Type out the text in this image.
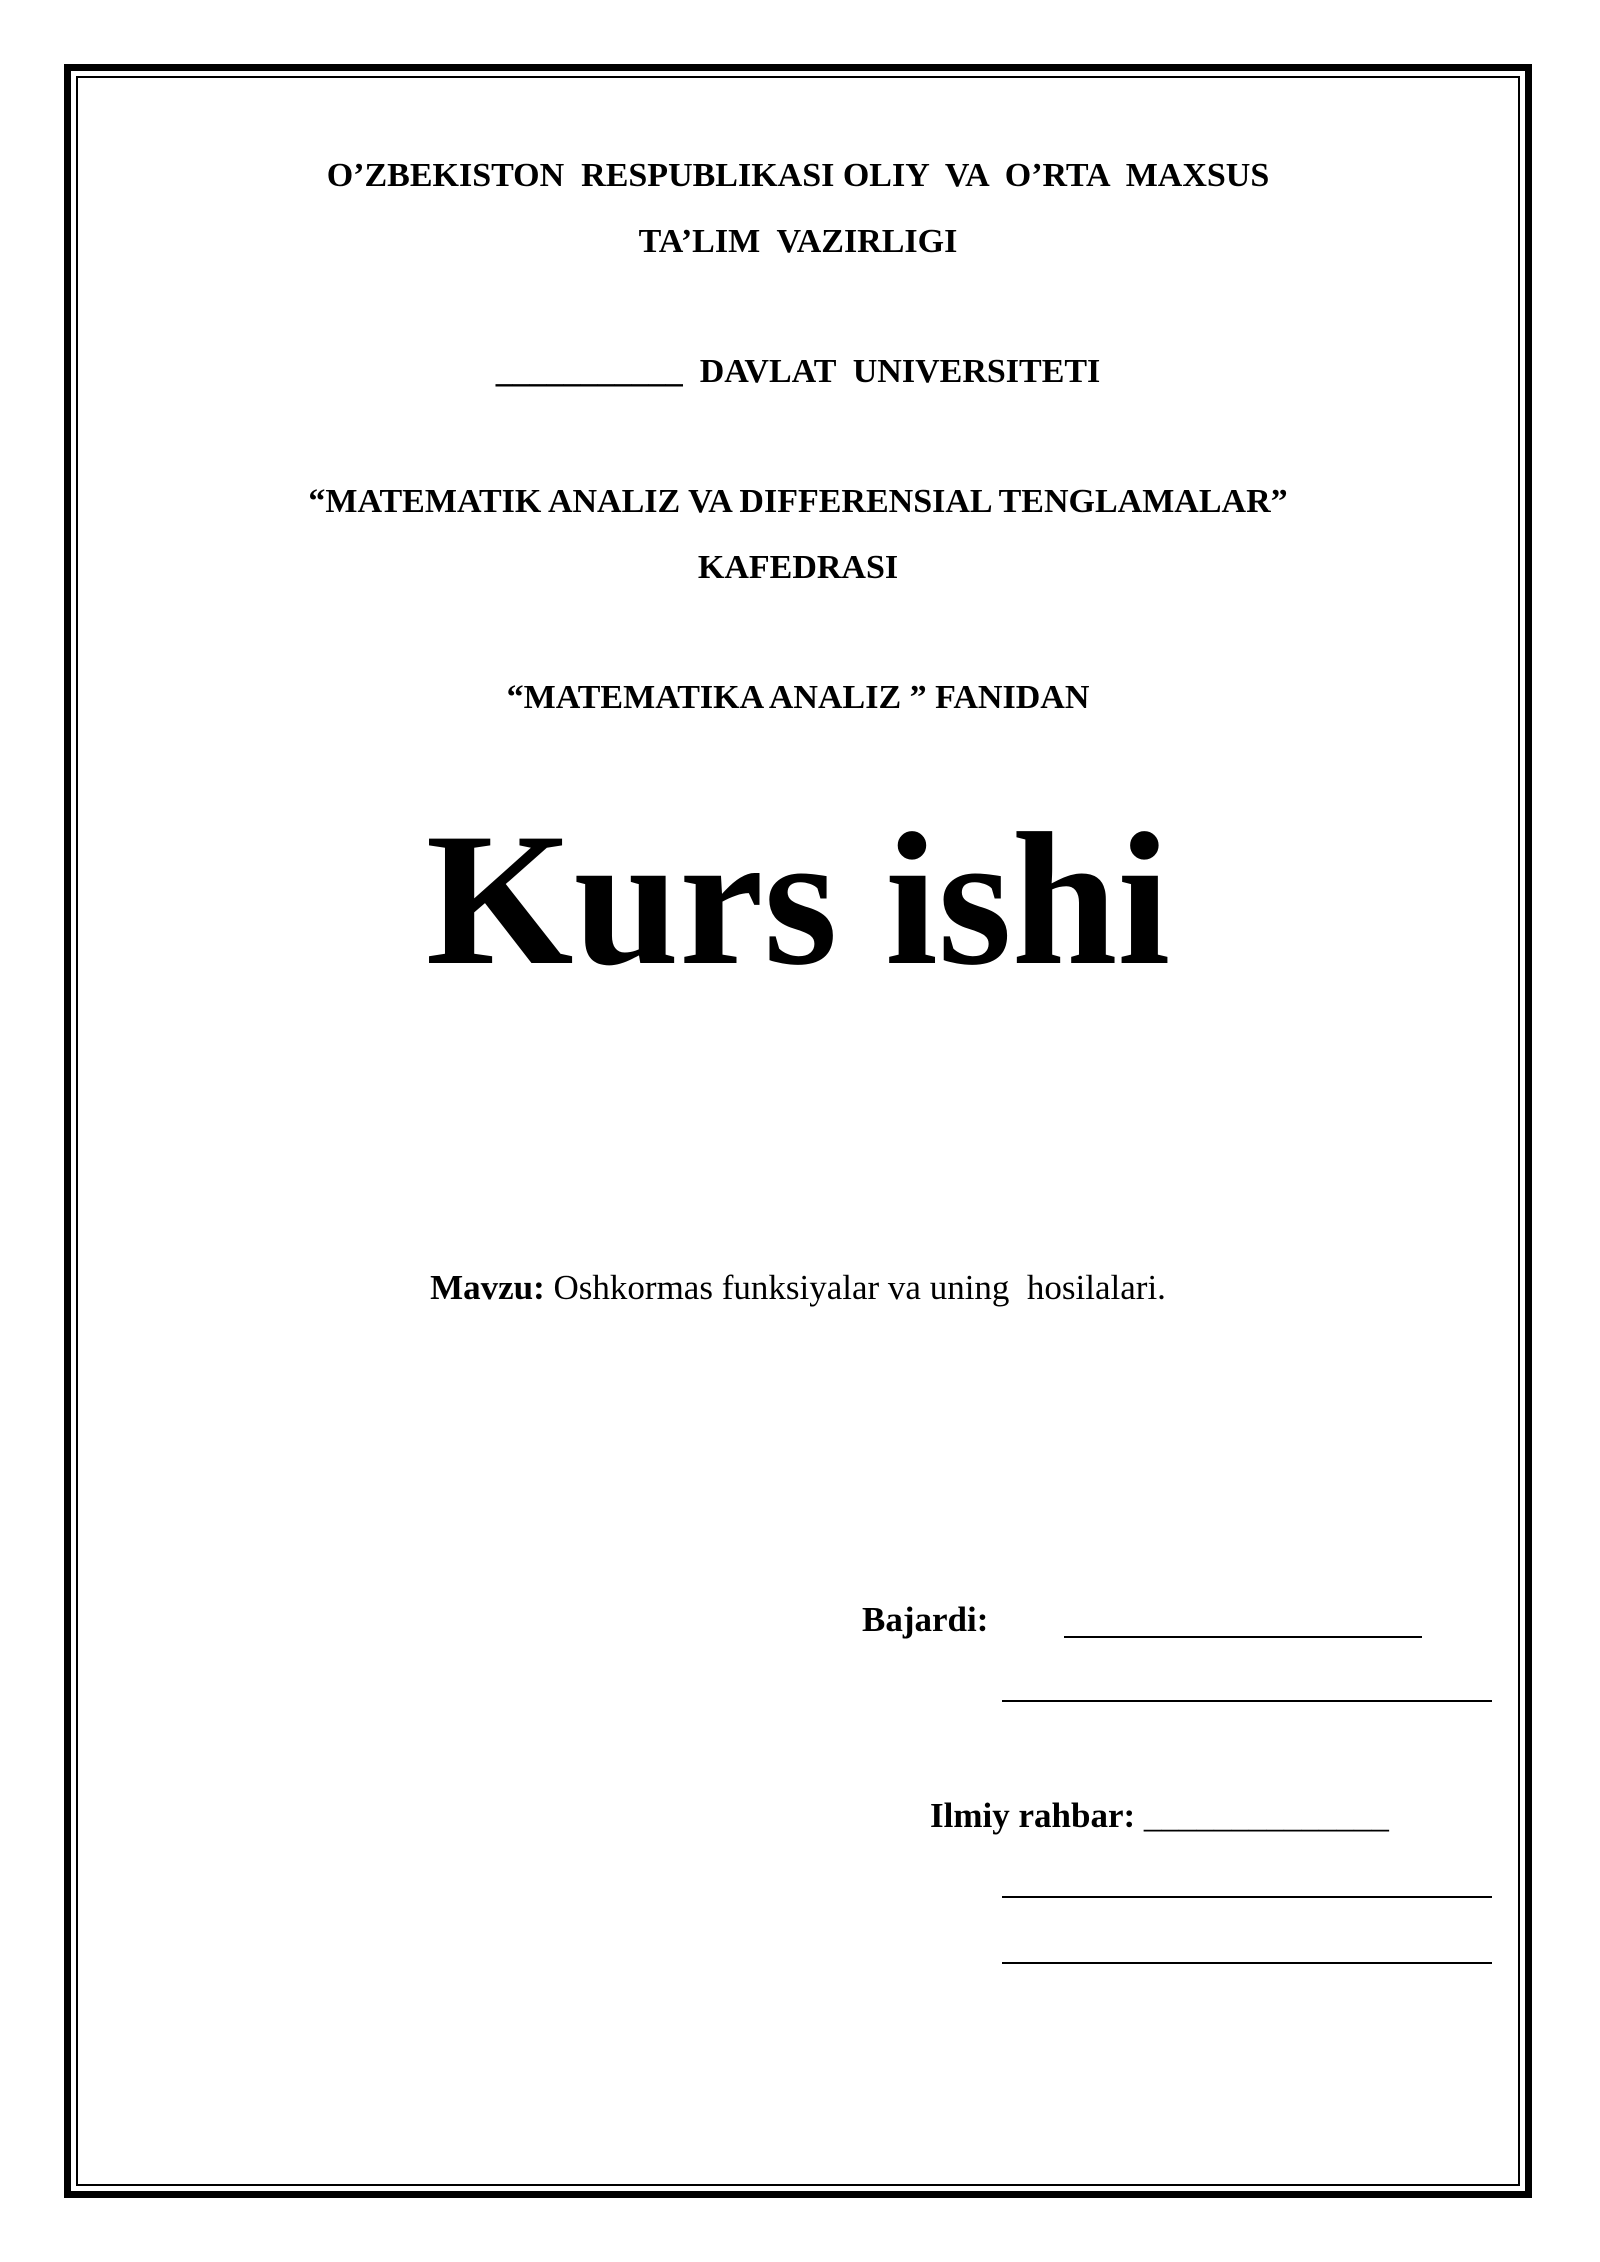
O’ZBEKISTON  RESPUBLIKASI OLIY  VA  O’RTA  MAXSUS
TA’LIM  VAZIRLIGI
___________  DAVLAT  UNIVERSITETI
“MATEMATIK ANALIZ VA DIFFERENSIAL TENGLAMALAR”
KAFEDRASI
“MATEMATIKA ANALIZ ” FANIDAN
Kurs ishi
Mavzu: Oshkormas funksiyalar va uning  hosilalari.
Bajardi:
Ilmiy rahbar: ______________
